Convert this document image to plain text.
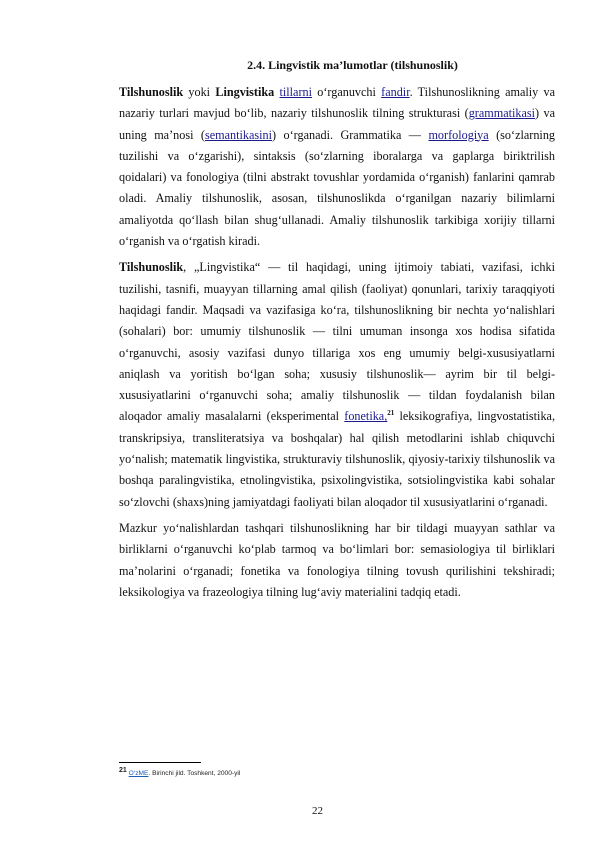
2.4. Lingvistik ma’lumotlar (tilshunoslik)

Tilshunoslik yoki Lingvistika tillarni o‘rganuvchi fandir. Tilshunoslikning amaliy va nazariy turlari mavjud bo‘lib, nazariy tilshunoslik tilning strukturasi (grammatikasi) va uning ma’nosi (semantikasini) o‘rganadi. Grammatika — morfologiya (so‘zlarning tuzilishi va o‘zgarishi), sintaksis (so‘zlarning iboralarga va gaplarga biriktrilish qoidalari) va fonologiya (tilni abstrakt tovushlar yordamida o‘rganish) fanlarini qamrab oladi. Amaliy tilshunoslik, asosan, tilshunoslikda o‘rganilgan nazariy bilimlarni amaliyotda qo‘llash bilan shug‘ullanadi. Amaliy tilshunoslik tarkibiga xorijiy tillarni o‘rganish va o‘rgatish kiradi.

Tilshunoslik, „Lingvistika“ — til haqidagi, uning ijtimoiy tabiati, vazifasi, ichki tuzilishi, tasnifi, muayyan tillarning amal qilish (faoliyat) qonunlari, tarixiy taraqqiyoti haqidagi fandir. Maqsadi va vazifasiga ko‘ra, tilshunoslikning bir nechta yo‘nalishlari (sohalari) bor: umumiy tilshunoslik — tilni umuman insonga xos hodisa sifatida o‘rganuvchi, asosiy vazifasi dunyo tillariga xos eng umumiy belgi-xususiyatlarni aniqlash va yoritish bo‘lgan soha; xususiy tilshunoslik— ayrim bir til belgi-xususiyatlarini o‘rganuvchi soha; amaliy tilshunoslik — tildan foydalanish bilan aloqador amaliy masalalarni (eksperimental fonetika,$^{21}$ leksikografiya, lingvostatistika, transkripsiya, transliteratsiya va boshqalar) hal qilish metodlarini ishlab chiquvchi yo‘nalish; matematik lingvistika, strukturaviy tilshunoslik, qiyosiy-tarixiy tilshunoslik va boshqa paralingvistika, etnolingvistika, psixolingvistika, sotsiolingvistika kabi sohalar so‘zlovchi (shaxs)ning jamiyatdagi faoliyati bilan aloqador til xususiyatlarini o‘rganadi.

Mazkur yo‘nalishlardan tashqari tilshunoslikning har bir tildagi muayyan sathlar va birliklarni o‘rganuvchi ko‘plab tarmoq va bo‘limlari bor: semasiologiya til birliklari ma’nolarini o‘rganadi; fonetika va fonologiya tilning tovush qurilishini tekshiradi; leksikologiya va frazeologiya tilning lug‘aviy materialini tadqiq etadi.

$^{21}$ O‘zME. Birinchi jild. Toshkent, 2000-yil
22
